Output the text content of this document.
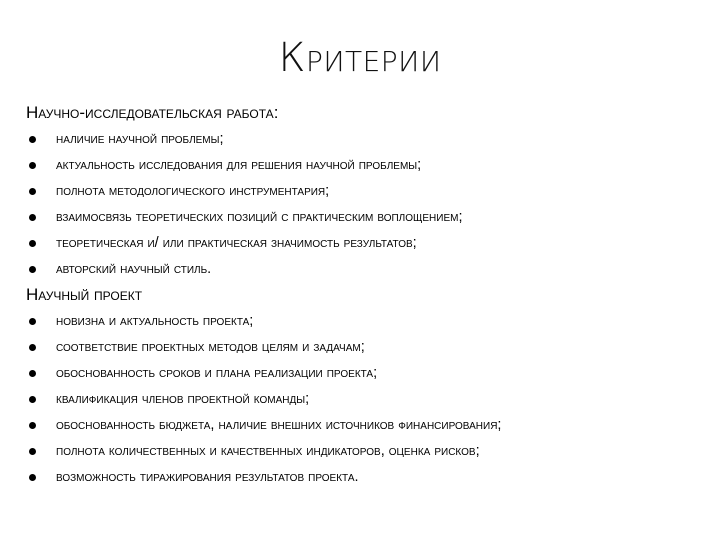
Критерии
Научно-исследовательская работа:
наличие научной проблемы;
актуальность исследования для решения научной проблемы;
полнота методологического инструментария;
взаимосвязь теоретических позиций с практическим воплощением;
теоретическая и/ или практическая значимость результатов;
авторский научный стиль.
Научный проект
новизна и актуальность проекта;
соответствие проектных методов целям и задачам;
обоснованность сроков и плана реализации проекта;
квалификация членов проектной команды;
обоснованность бюджета, наличие внешних источников финансирования;
полнота количественных и качественных индикаторов, оценка рисков;
возможность тиражирования результатов проекта.
